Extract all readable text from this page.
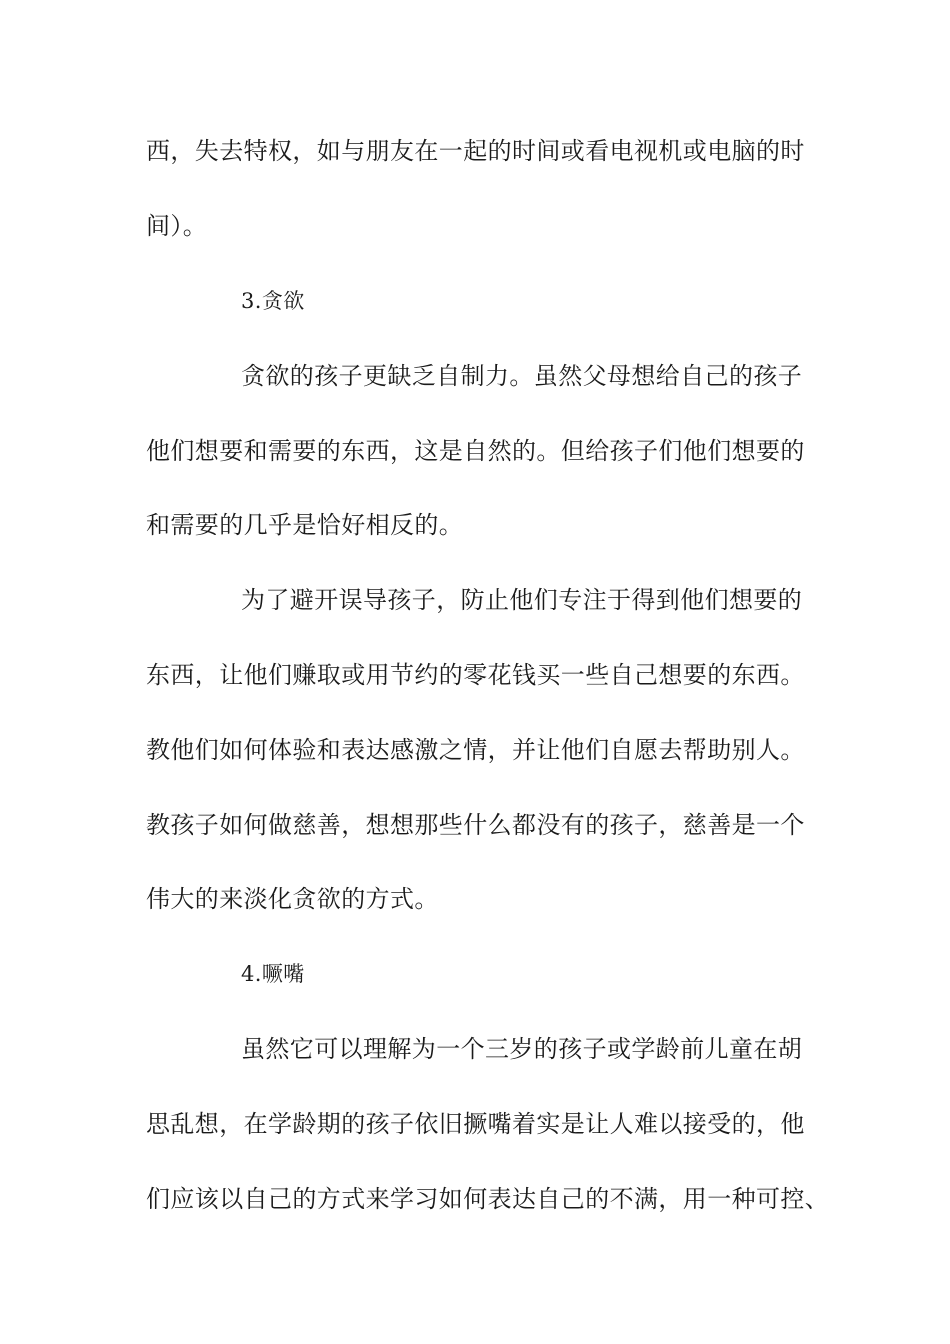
西，失去特权，如与朋友在一起的时间或看电视机或电脑的时
间）。
3.贪欲
贪欲的孩子更缺乏自制力。虽然父母想给自己的孩子
他们想要和需要的东西，这是自然的。但给孩子们他们想要的
和需要的几乎是恰好相反的。
为了避开误导孩子，防止他们专注于得到他们想要的
东西，让他们赚取或用节约的零花钱买一些自己想要的东西。
教他们如何体验和表达感激之情，并让他们自愿去帮助别人。
教孩子如何做慈善，想想那些什么都没有的孩子，慈善是一个
伟大的来淡化贪欲的方式。
4.噘嘴
虽然它可以理解为一个三岁的孩子或学龄前儿童在胡
思乱想，在学龄期的孩子依旧撅嘴着实是让人难以接受的，他
们应该以自己的方式来学习如何表达自己的不满，用一种可控、
